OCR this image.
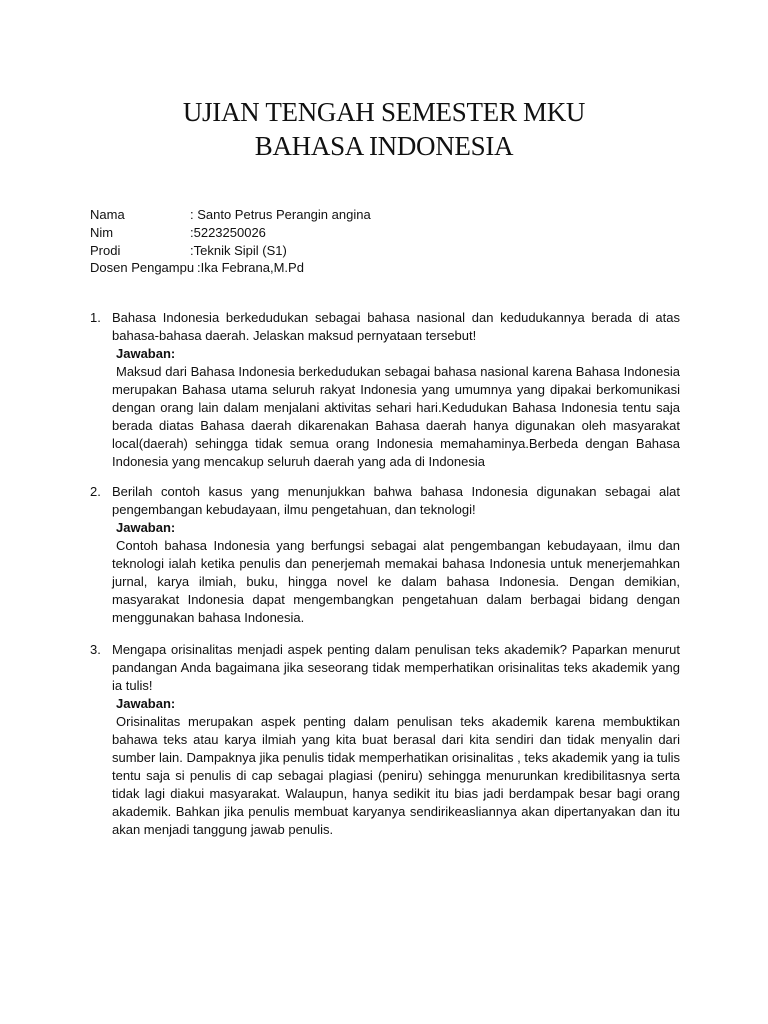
UJIAN TENGAH SEMESTER MKU
BAHASA INDONESIA
Nama	: Santo Petrus Perangin angina
Nim	:5223250026
Prodi	:Teknik Sipil (S1)
Dosen Pengampu :Ika Febrana,M.Pd
1. Bahasa Indonesia berkedudukan sebagai bahasa nasional dan kedudukannya berada di atas bahasa-bahasa daerah. Jelaskan maksud pernyataan tersebut!

Jawaban:

Maksud dari Bahasa Indonesia berkedudukan sebagai bahasa nasional karena Bahasa Indonesia merupakan Bahasa utama seluruh rakyat Indonesia yang umumnya yang dipakai berkomunikasi dengan orang lain dalam menjalani aktivitas sehari hari.Kedudukan Bahasa Indonesia tentu saja berada diatas Bahasa daerah dikarenakan Bahasa daerah hanya digunakan oleh masyarakat local(daerah) sehingga tidak semua orang Indonesia memahaminya.Berbeda dengan Bahasa Indonesia yang mencakup seluruh daerah yang ada di Indonesia

2. Berilah contoh kasus yang menunjukkan bahwa bahasa Indonesia digunakan sebagai alat pengembangan kebudayaan, ilmu pengetahuan, dan teknologi!

Jawaban:

Contoh bahasa Indonesia yang berfungsi sebagai alat pengembangan kebudayaan, ilmu dan teknologi ialah ketika penulis dan penerjemah memakai bahasa Indonesia untuk menerjemahkan jurnal, karya ilmiah, buku, hingga novel ke dalam bahasa Indonesia. Dengan demikian, masyarakat Indonesia dapat mengembangkan pengetahuan dalam berbagai bidang dengan menggunakan bahasa Indonesia.

3. Mengapa orisinalitas menjadi aspek penting dalam penulisan teks akademik? Paparkan menurut pandangan Anda bagaimana jika seseorang tidak memperhatikan orisinalitas teks akademik yang ia tulis!

Jawaban:

Orisinalitas merupakan aspek penting dalam penulisan teks akademik karena membuktikan bahawa teks atau karya ilmiah yang kita buat berasal dari kita sendiri dan tidak menyalin dari sumber lain. Dampaknya jika penulis tidak memperhatikan orisinalitas , teks akademik yang ia tulis tentu saja si penulis di cap sebagai plagiasi (peniru) sehingga menurunkan kredibilitasnya serta tidak lagi diakui masyarakat. Walaupun, hanya sedikit itu bias jadi berdampak besar bagi orang akademik. Bahkan jika penulis membuat karyanya sendirikeasliannya akan dipertanyakan dan itu akan menjadi tanggung jawab penulis.
